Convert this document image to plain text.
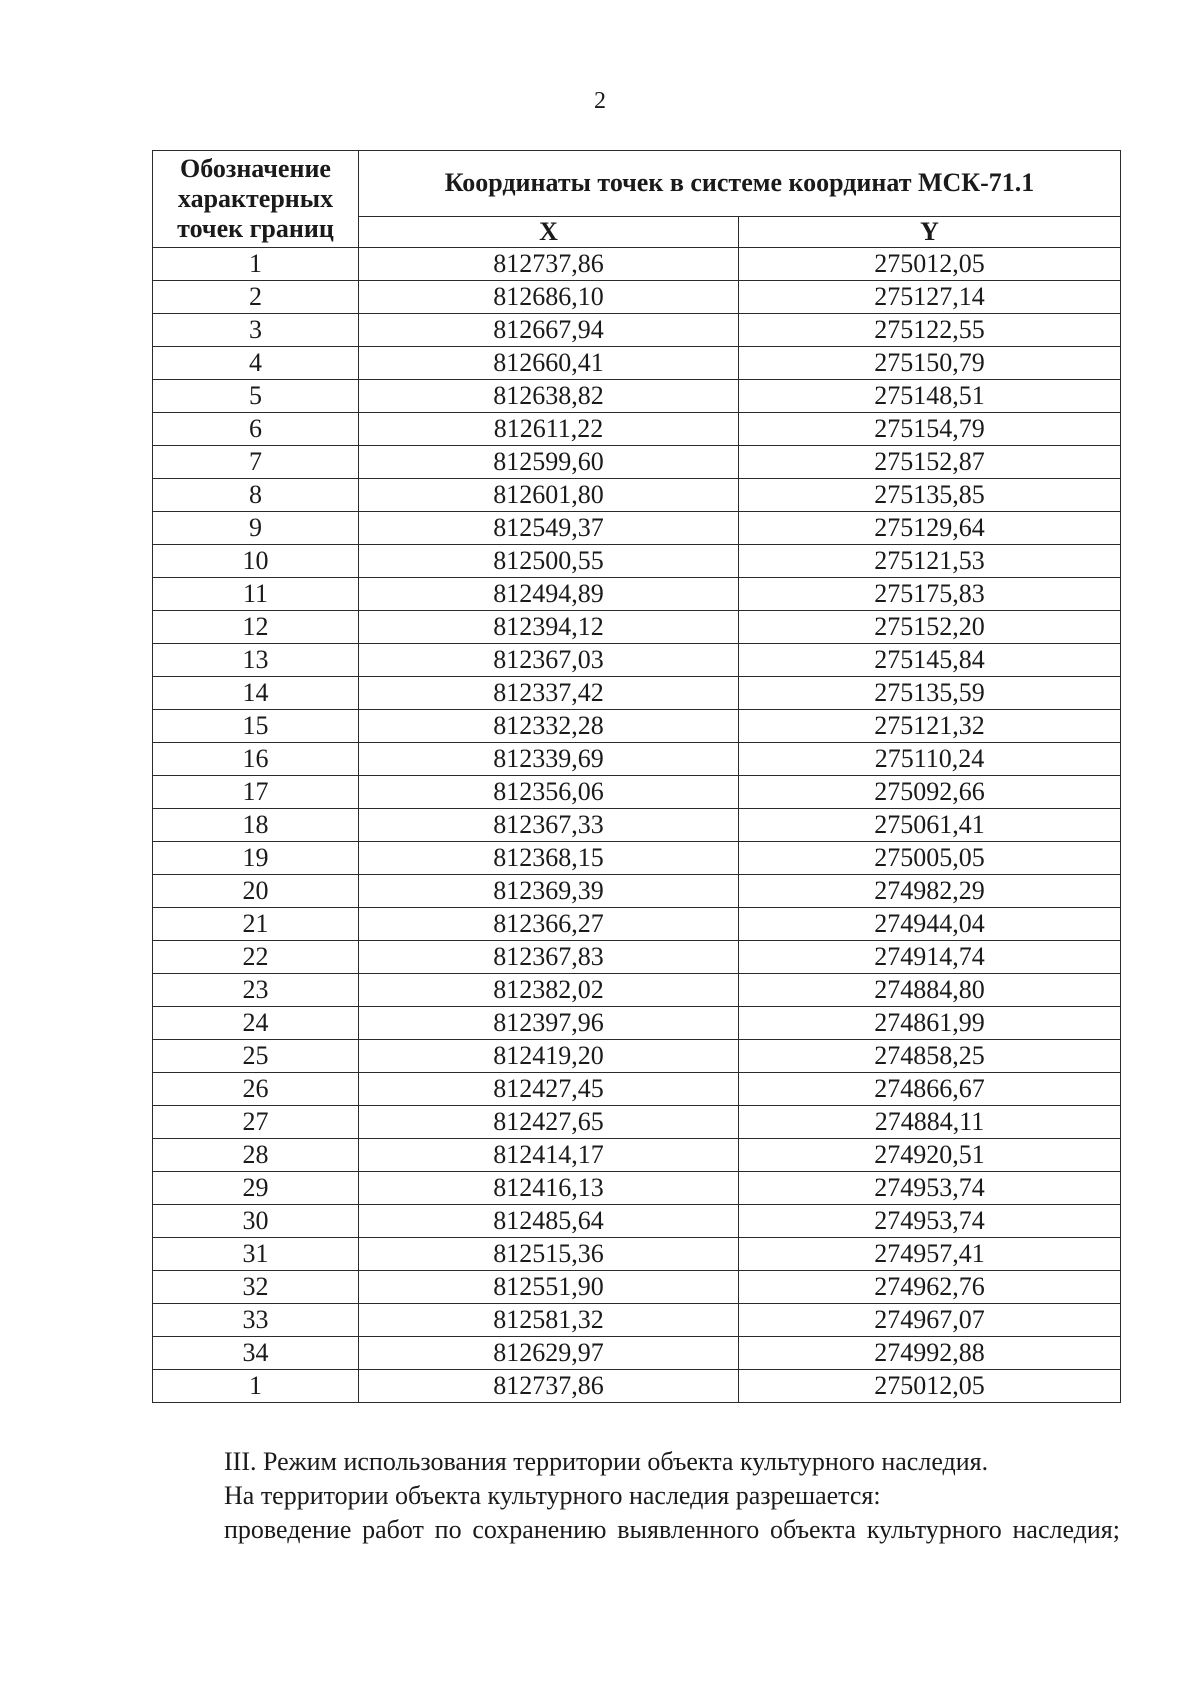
2
Обозначение характерных точек границ	Координаты точек в системе координат МСК-71.1	
	X	Y
1	812737,86	275012,05
2	812686,10	275127,14
3	812667,94	275122,55
4	812660,41	275150,79
5	812638,82	275148,51
6	812611,22	275154,79
7	812599,60	275152,87
8	812601,80	275135,85
9	812549,37	275129,64
10	812500,55	275121,53
11	812494,89	275175,83
12	812394,12	275152,20
13	812367,03	275145,84
14	812337,42	275135,59
15	812332,28	275121,32
16	812339,69	275110,24
17	812356,06	275092,66
18	812367,33	275061,41
19	812368,15	275005,05
20	812369,39	274982,29
21	812366,27	274944,04
22	812367,83	274914,74
23	812382,02	274884,80
24	812397,96	274861,99
25	812419,20	274858,25
26	812427,45	274866,67
27	812427,65	274884,11
28	812414,17	274920,51
29	812416,13	274953,74
30	812485,64	274953,74
31	812515,36	274957,41
32	812551,90	274962,76
33	812581,32	274967,07
34	812629,97	274992,88
1	812737,86	275012,05

III. Режим использования территории объекта культурного наследия.

На территории объекта культурного наследия разрешается:

проведение работ по сохранению выявленного объекта культурного наследия;
